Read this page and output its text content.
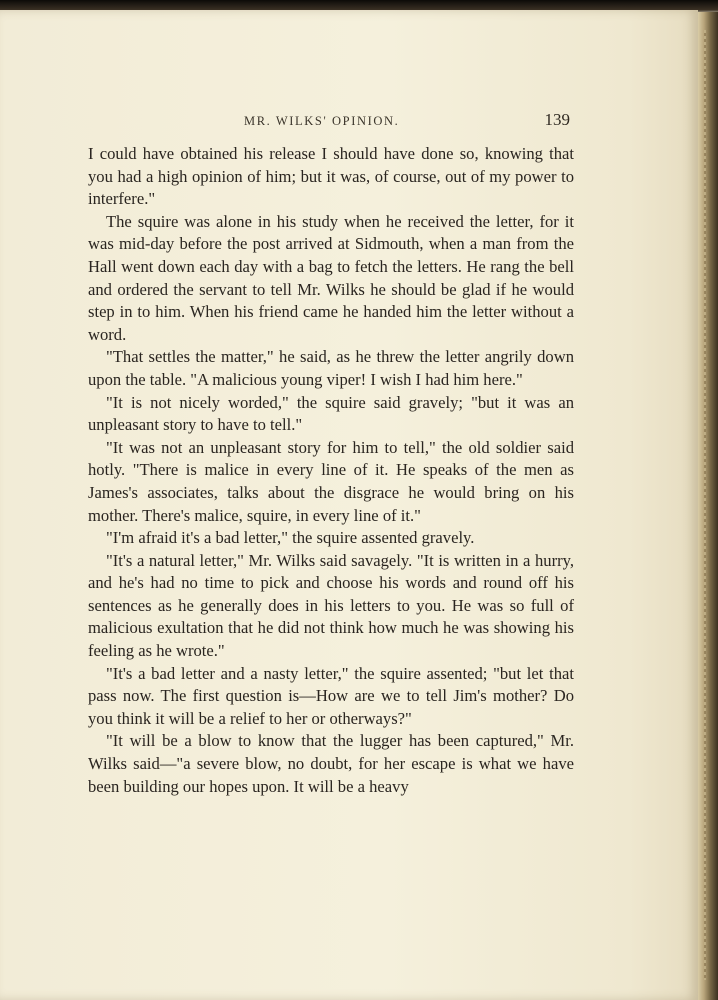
MR. WILKS' OPINION.	139

I could have obtained his release I should have done so, knowing that you had a high opinion of him; but it was, of course, out of my power to interfere."

The squire was alone in his study when he received the letter, for it was mid-day before the post arrived at Sidmouth, when a man from the Hall went down each day with a bag to fetch the letters. He rang the bell and ordered the servant to tell Mr. Wilks he should be glad if he would step in to him. When his friend came he handed him the letter without a word.

"That settles the matter," he said, as he threw the letter angrily down upon the table. "A malicious young viper! I wish I had him here."

"It is not nicely worded," the squire said gravely; "but it was an unpleasant story to have to tell."

"It was not an unpleasant story for him to tell," the old soldier said hotly. "There is malice in every line of it. He speaks of the men as James's associates, talks about the disgrace he would bring on his mother. There's malice, squire, in every line of it."

"I'm afraid it's a bad letter," the squire assented gravely.

"It's a natural letter," Mr. Wilks said savagely. "It is written in a hurry, and he's had no time to pick and choose his words and round off his sentences as he generally does in his letters to you. He was so full of malicious exultation that he did not think how much he was showing his feeling as he wrote."

"It's a bad letter and a nasty letter," the squire assented; "but let that pass now. The first question is—How are we to tell Jim's mother? Do you think it will be a relief to her or otherways?"

"It will be a blow to know that the lugger has been captured," Mr. Wilks said—"a severe blow, no doubt, for her escape is what we have been building our hopes upon. It will be a heavy
